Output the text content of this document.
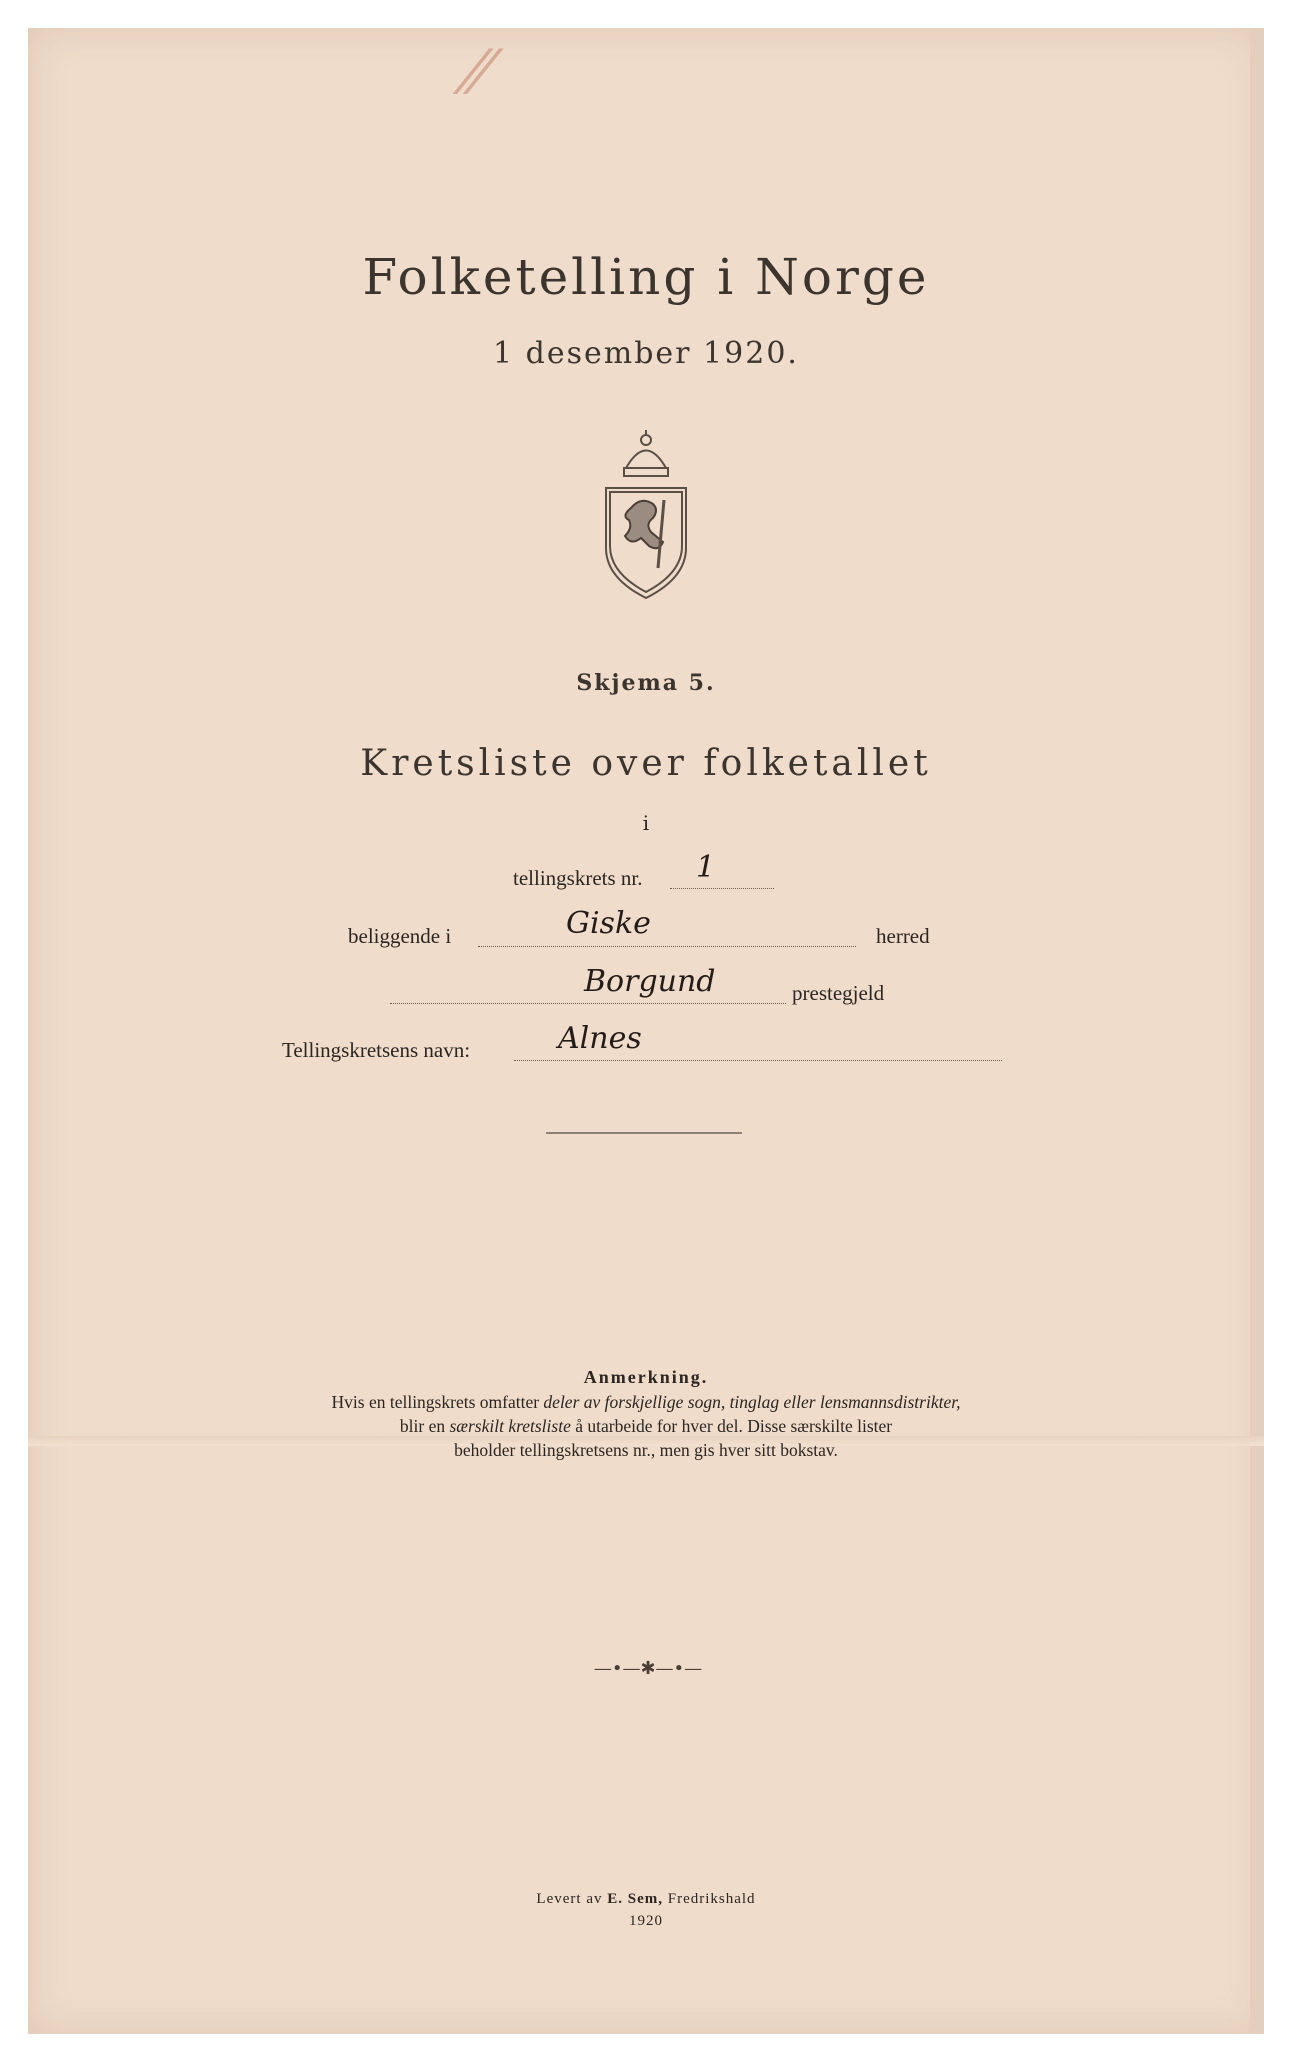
⁄⁄
Folketelling i Norge
1 desember 1920.
Skjema 5.
Kretsliste over folketallet
i
tellingskrets nr. 1
beliggende i	Giske	herred
Borgund	prestegjeld
Tellingskretsens navn:	Alnes
Anmerkning.
Hvis en tellingskrets omfatter deler av forskjellige sogn, tinglag eller lensmannsdistrikter,
blir en særskilt kretsliste å utarbeide for hver del. Disse særskilte lister
beholder tellingskretsens nr., men gis hver sitt bokstav.
—•—✱—•—
Levert av E. Sem, Fredrikshald
1920
